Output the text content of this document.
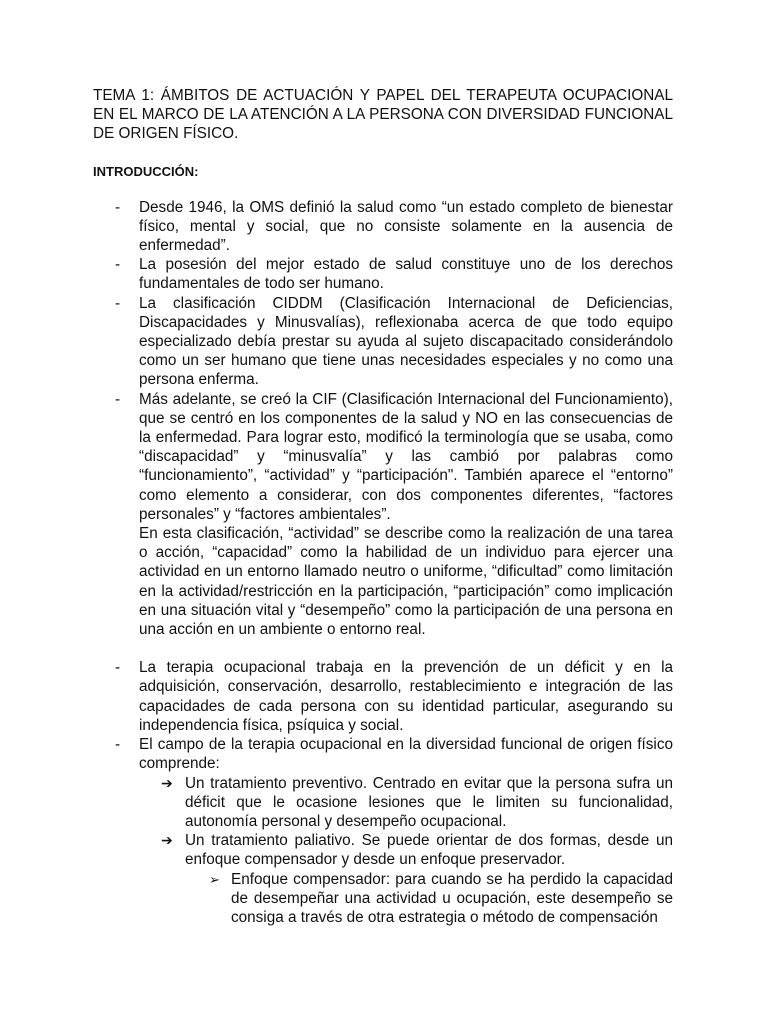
TEMA 1: ÁMBITOS DE ACTUACIÓN Y PAPEL DEL TERAPEUTA OCUPACIONAL EN EL MARCO DE LA ATENCIÓN A LA PERSONA CON DIVERSIDAD FUNCIONAL DE ORIGEN FÍSICO.

INTRODUCCIÓN:
- Desde 1946, la OMS definió la salud como “un estado completo de bienestar físico, mental y social, que no consiste solamente en la ausencia de enfermedad”.
- La posesión del mejor estado de salud constituye uno de los derechos fundamentales de todo ser humano.
- La clasificación CIDDM (Clasificación Internacional de Deficiencias, Discapacidades y Minusvalías), reflexionaba acerca de que todo equipo especializado debía prestar su ayuda al sujeto discapacitado considerándolo como un ser humano que tiene unas necesidades especiales y no como una persona enferma.
- Más adelante, se creó la CIF (Clasificación Internacional del Funcionamiento), que se centró en los componentes de la salud y NO en las consecuencias de la enfermedad. Para lograr esto, modificó la terminología que se usaba, como “discapacidad” y “minusvalía” y las cambió por palabras como “funcionamiento”, “actividad” y “participación". También aparece el “entorno” como elemento a considerar, con dos componentes diferentes, “factores personales” y “factores ambientales”.

En esta clasificación, “actividad” se describe como la realización de una tarea o acción, “capacidad” como la habilidad de un individuo para ejercer una actividad en un entorno llamado neutro o uniforme, “dificultad” como limitación en la actividad/restricción en la participación, “participación” como implicación en una situación vital y “desempeño” como la participación de una persona en una acción en un ambiente o entorno real.

- La terapia ocupacional trabaja en la prevención de un déficit y en la adquisición, conservación, desarrollo, restablecimiento e integración de las capacidades de cada persona con su identidad particular, asegurando su independencia física, psíquica y social.
- El campo de la terapia ocupacional en la diversidad funcional de origen físico comprende:
➔ Un tratamiento preventivo. Centrado en evitar que la persona sufra un déficit que le ocasione lesiones que le limiten su funcionalidad, autonomía personal y desempeño ocupacional.
➔ Un tratamiento paliativo. Se puede orientar de dos formas, desde un enfoque compensador y desde un enfoque preservador.
➢ Enfoque compensador: para cuando se ha perdido la capacidad de desempeñar una actividad u ocupación, este desempeño se consiga a través de otra estrategia o método de compensación
